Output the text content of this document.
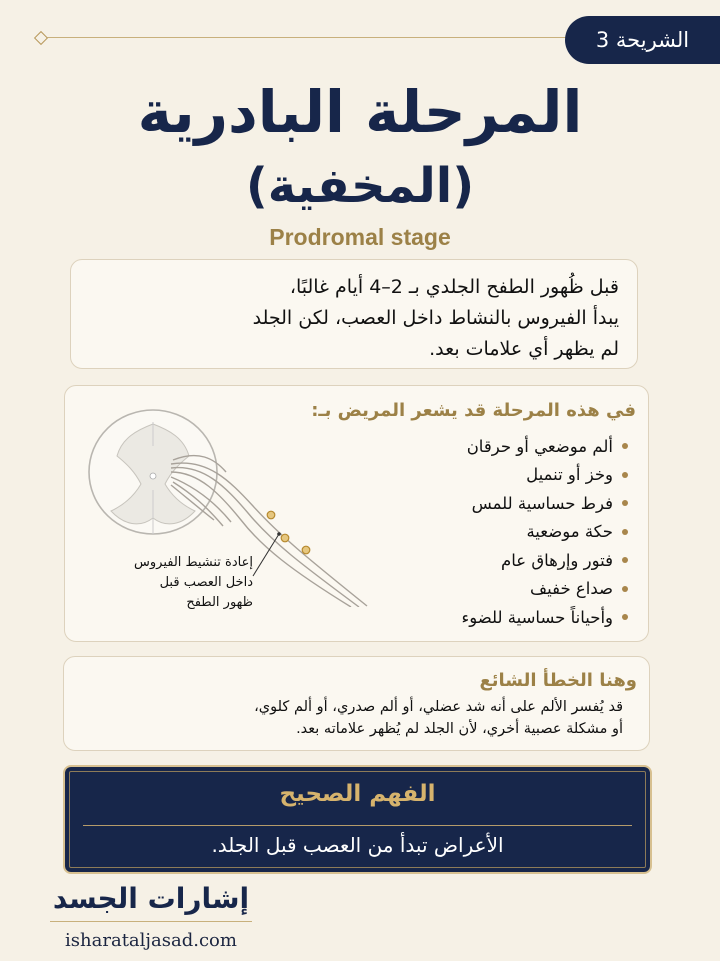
الشريحة 3
المرحلة البادرية
(المخفية)
Prodromal stage
قبل ظُهور الطفح الجلدي بـ 2–4 أيام غالبًا،
يبدأ الفيروس بالنشاط داخل العصب، لكن الجلد
لم يظهر أي علامات بعد.
في هذه المرحلة قد يشعر المريض بـ:
ألم موضعي أو حرقان
وخز أو تنميل
فرط حساسية للمس
حكة موضعية
فتور وإرهاق عام
صداع خفيف
وأحياناً حساسية للضوء
إعادة تنشيط الفيروس
داخل العصب قبل
ظهور الطفح
وهنا الخطأ الشائع
قد يُفسر الألم على أنه شد عضلي، أو ألم صدري، أو ألم كلوي،
أو مشكلة عصبية أخري، لأن الجلد لم يُظهر علاماته بعد.
الفهم الصحيح
الأعراض تبدأ من العصب قبل الجلد.
إشارات الجسد
isharataljasad.com
